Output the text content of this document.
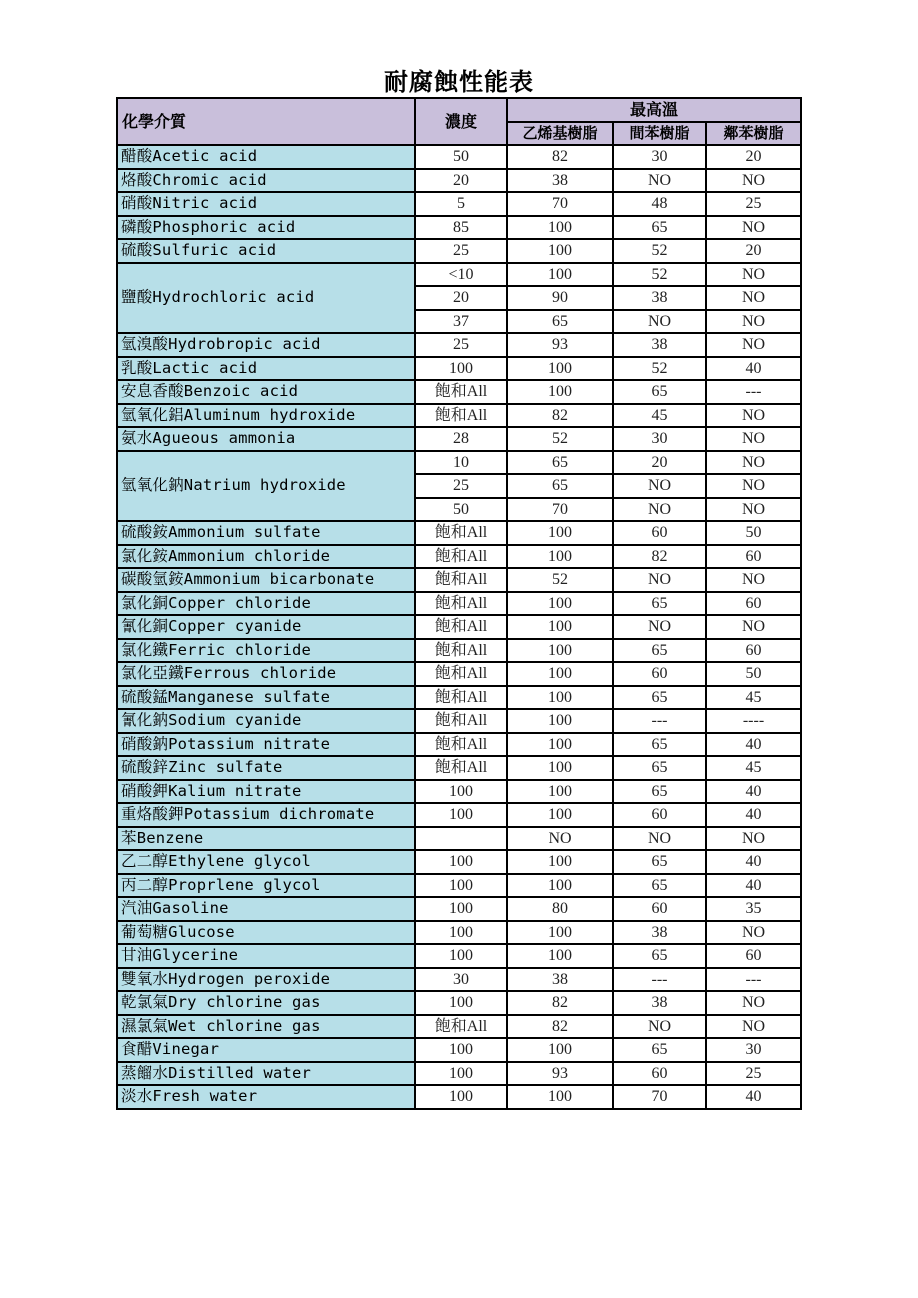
耐腐蝕性能表
化學介質	濃度	最高溫		
		乙烯基樹脂	間苯樹脂	鄰苯樹脂
醋酸Acetic acid	50	82	30	20
烙酸Chromic acid	20	38	NO	NO
硝酸Nitric acid	5	70	48	25
磷酸Phosphoric acid	85	100	65	NO
硫酸Sulfuric acid	25	100	52	20
鹽酸Hydrochloric acid	<10	100	52	NO
	20	90	38	NO
	37	65	NO	NO
氫溴酸Hydrobropic acid	25	93	38	NO
乳酸Lactic acid	100	100	52	40
安息香酸Benzoic acid	飽和All	100	65	---
氫氧化鋁Aluminum hydroxide	飽和All	82	45	NO
氨水Agueous ammonia	28	52	30	NO
氫氧化鈉Natrium hydroxide	10	65	20	NO
	25	65	NO	NO
	50	70	NO	NO
硫酸銨Ammonium sulfate	飽和All	100	60	50
氯化銨Ammonium chloride	飽和All	100	82	60
碳酸氫銨Ammonium bicarbonate	飽和All	52	NO	NO
氯化銅Copper chloride	飽和All	100	65	60
氰化銅Copper cyanide	飽和All	100	NO	NO
氯化鐵Ferric chloride	飽和All	100	65	60
氯化亞鐵Ferrous chloride	飽和All	100	60	50
硫酸錳Manganese sulfate	飽和All	100	65	45
氰化鈉Sodium cyanide	飽和All	100	---	----
硝酸鈉Potassium nitrate	飽和All	100	65	40
硫酸鋅Zinc sulfate	飽和All	100	65	45
硝酸鉀Kalium nitrate	100	100	65	40
重烙酸鉀Potassium dichromate	100	100	60	40
苯Benzene		NO	NO	NO
乙二醇Ethylene glycol	100	100	65	40
丙二醇Proprlene glycol	100	100	65	40
汽油Gasoline	100	80	60	35
葡萄糖Glucose	100	100	38	NO
甘油Glycerine	100	100	65	60
雙氧水Hydrogen peroxide	30	38	---	---
乾氯氣Dry chlorine gas	100	82	38	NO
濕氯氣Wet chlorine gas	飽和All	82	NO	NO
食醋Vinegar	100	100	65	30
蒸餾水Distilled water	100	93	60	25
淡水Fresh water	100	100	70	40
